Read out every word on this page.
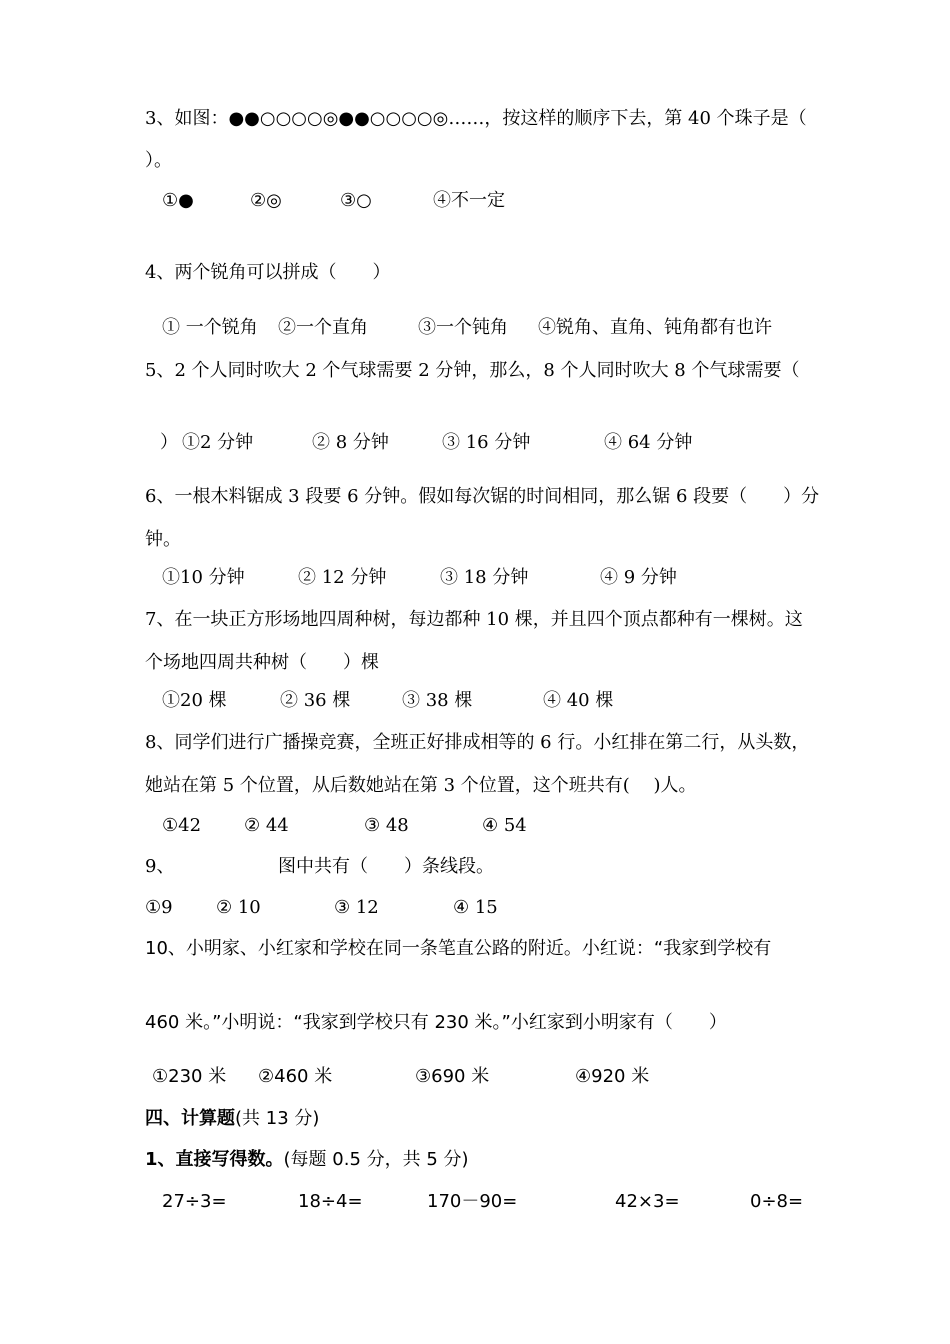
3、如图：●●○○○○◎●●○○○○◎……，按这样的顺序下去，第 40 个珠子是（
）。
①●	②◎	③○	④不一定
4、两个锐角可以拼成（　　）
① 一个锐角 ②一个直角	③一个钝角 ④锐角、直角、钝角都有也许
5、2 个人同时吹大 2 个气球需要 2 分钟，那么，8 个人同时吹大 8 个气球需要（
） ①2 分钟	② 8 分钟	③ 16 分钟	④ 64 分钟
6、一根木料锯成 3 段要 6 分钟。假如每次锯的时间相同，那么锯 6 段要（　　）分
钟。
①10 分钟	② 12 分钟	③ 18 分钟	④ 9 分钟
7、在一块正方形场地四周种树，每边都种 10 棵，并且四个顶点都种有一棵树。这
个场地四周共种树（　　）棵
①20 棵	② 36 棵	③ 38 棵	④ 40 棵
8、同学们进行广播操竞赛，全班正好排成相等的 6 行。小红排在第二行，从头数，
她站在第 5 个位置，从后数她站在第 3 个位置，这个班共有(　 )人。
①42 ② 44	③ 48	④ 54
9、	图中共有（　　）条线段。
①9 ② 10	③ 12	④ 15
10、小明家、小红家和学校在同一条笔直公路的附近。小红说：“我家到学校有
460 米。”小明说：“我家到学校只有 230 米。”小红家到小明家有（　　）
①230 米 ②460 米	③690 米	④920 米
四、计算题(共 13 分)
1、直接写得数。(每题 0.5 分，共 5 分)
27÷3=	18÷4=	170－90=	42×3=	0÷8=
